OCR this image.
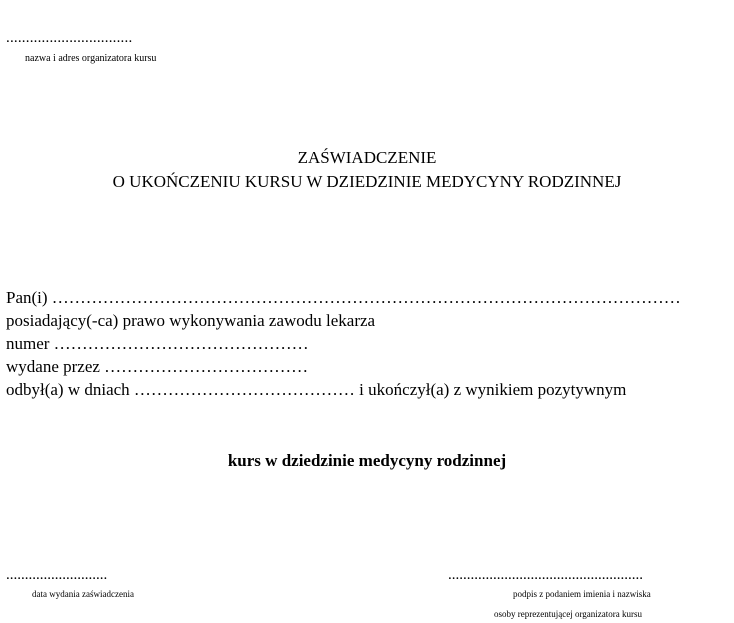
................................
nazwa i adres organizatora kursu
ZAŚWIADCZENIE
O UKOŃCZENIU KURSU W DZIEDZINIE MEDYCYNY RODZINNEJ
Pan(i) …………………………………………………………………………………………………
posiadający(-ca) prawo wykonywania zawodu lekarza
numer ………………………………………
wydane przez ………………………………
odbył(a) w dniach ………………………………… i ukończył(a) z wynikiem pozytywnym
kurs w dziedzinie medycyny rodzinnej
...........................
data wydania zaświadczenia
....................................................
podpis z podaniem imienia i nazwiska
osoby reprezentującej organizatora kursu
